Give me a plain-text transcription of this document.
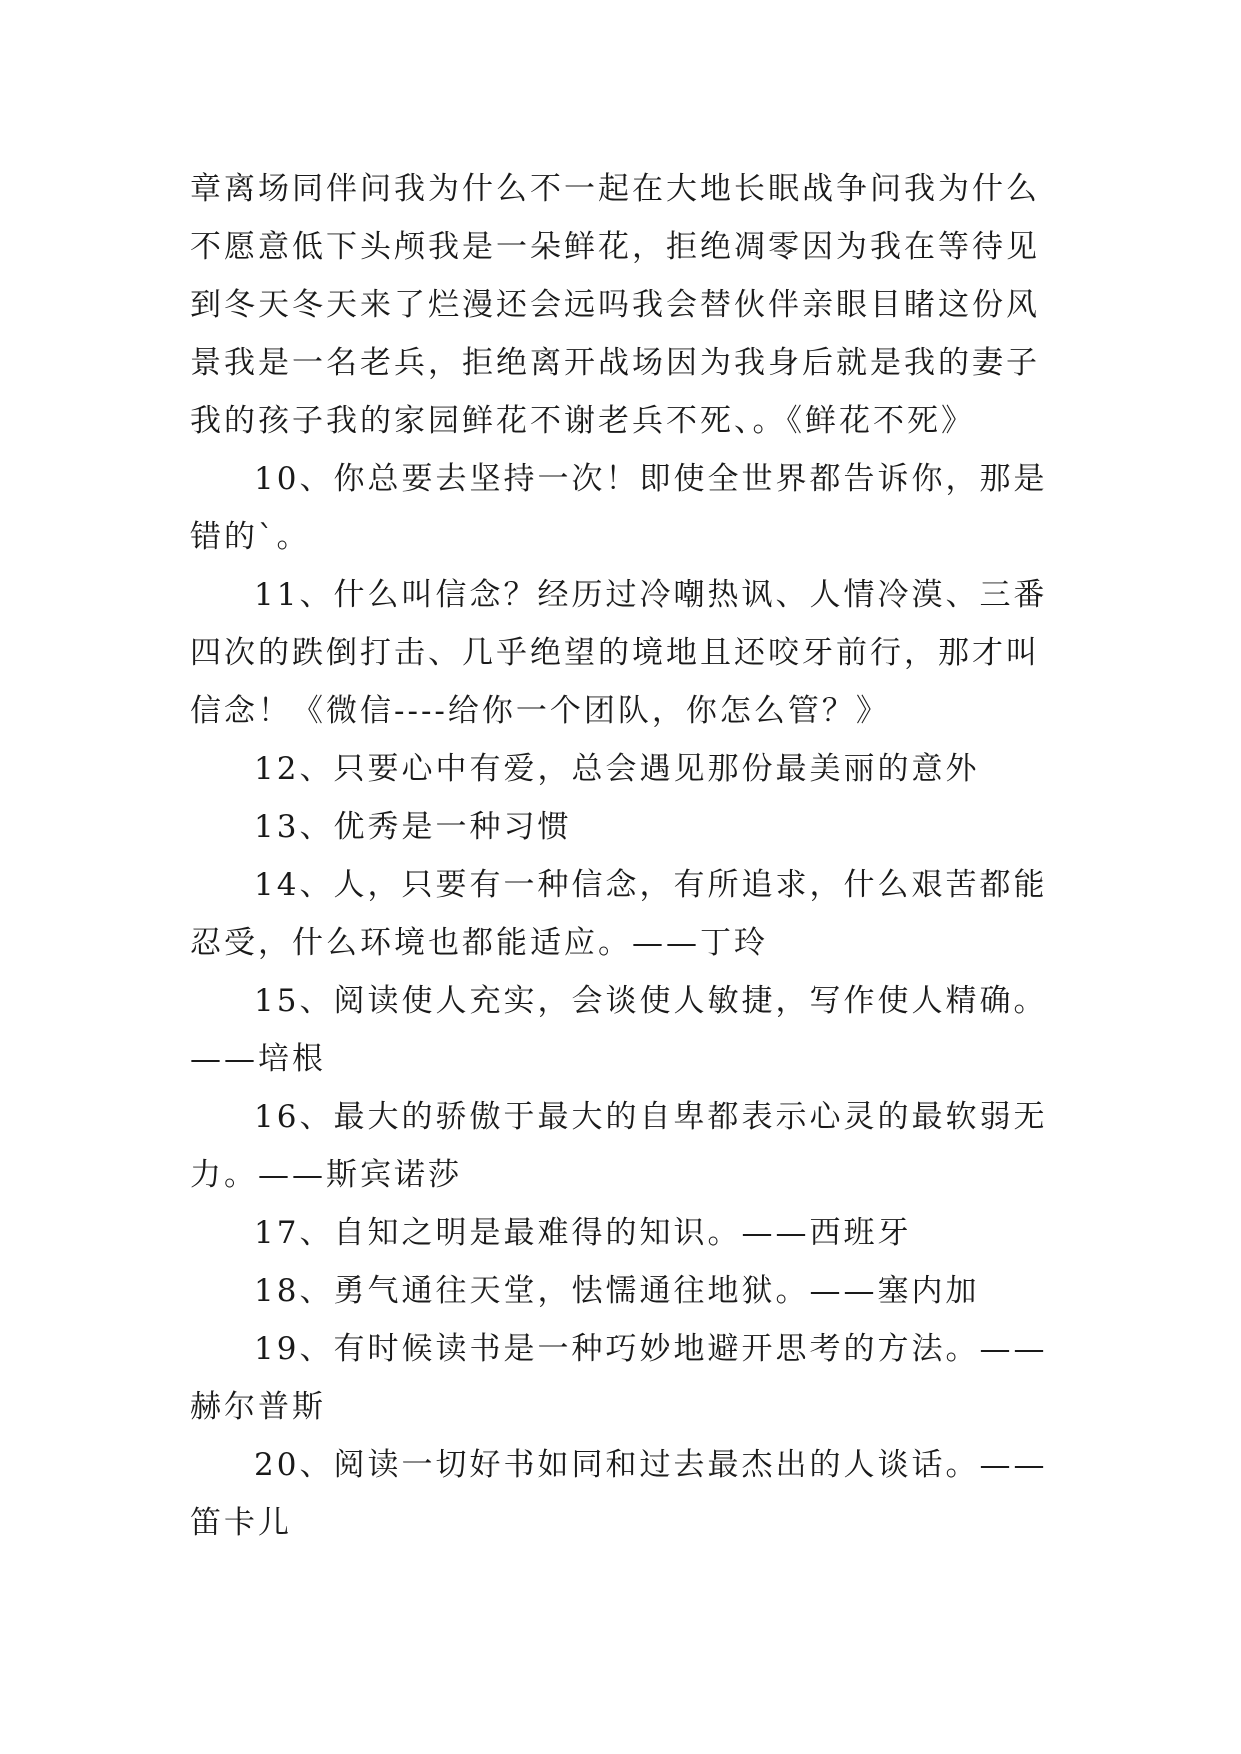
章离场同伴问我为什么不一起在大地长眠战争问我为什么不愿意低下头颅我是一朵鲜花，拒绝凋零因为我在等待见到冬天冬天来了烂漫还会远吗我会替伙伴亲眼目睹这份风景我是一名老兵，拒绝离开战场因为我身后就是我的妻子我的孩子我的家园鲜花不谢老兵不死、。《鲜花不死》

10、你总要去坚持一次！即使全世界都告诉你，那是错的`。

11、什么叫信念？经历过冷嘲热讽、人情冷漠、三番四次的跌倒打击、几乎绝望的境地且还咬牙前行，那才叫信念！《微信----给你一个团队，你怎么管？》

12、只要心中有爱，总会遇见那份最美丽的意外

13、优秀是一种习惯

14、人，只要有一种信念，有所追求，什么艰苦都能忍受，什么环境也都能适应。——丁玲

15、阅读使人充实，会谈使人敏捷，写作使人精确。——培根

16、最大的骄傲于最大的自卑都表示心灵的最软弱无力。——斯宾诺莎

17、自知之明是最难得的知识。——西班牙

18、勇气通往天堂，怯懦通往地狱。——塞内加

19、有时候读书是一种巧妙地避开思考的方法。——赫尔普斯

20、阅读一切好书如同和过去最杰出的人谈话。——笛卡儿
